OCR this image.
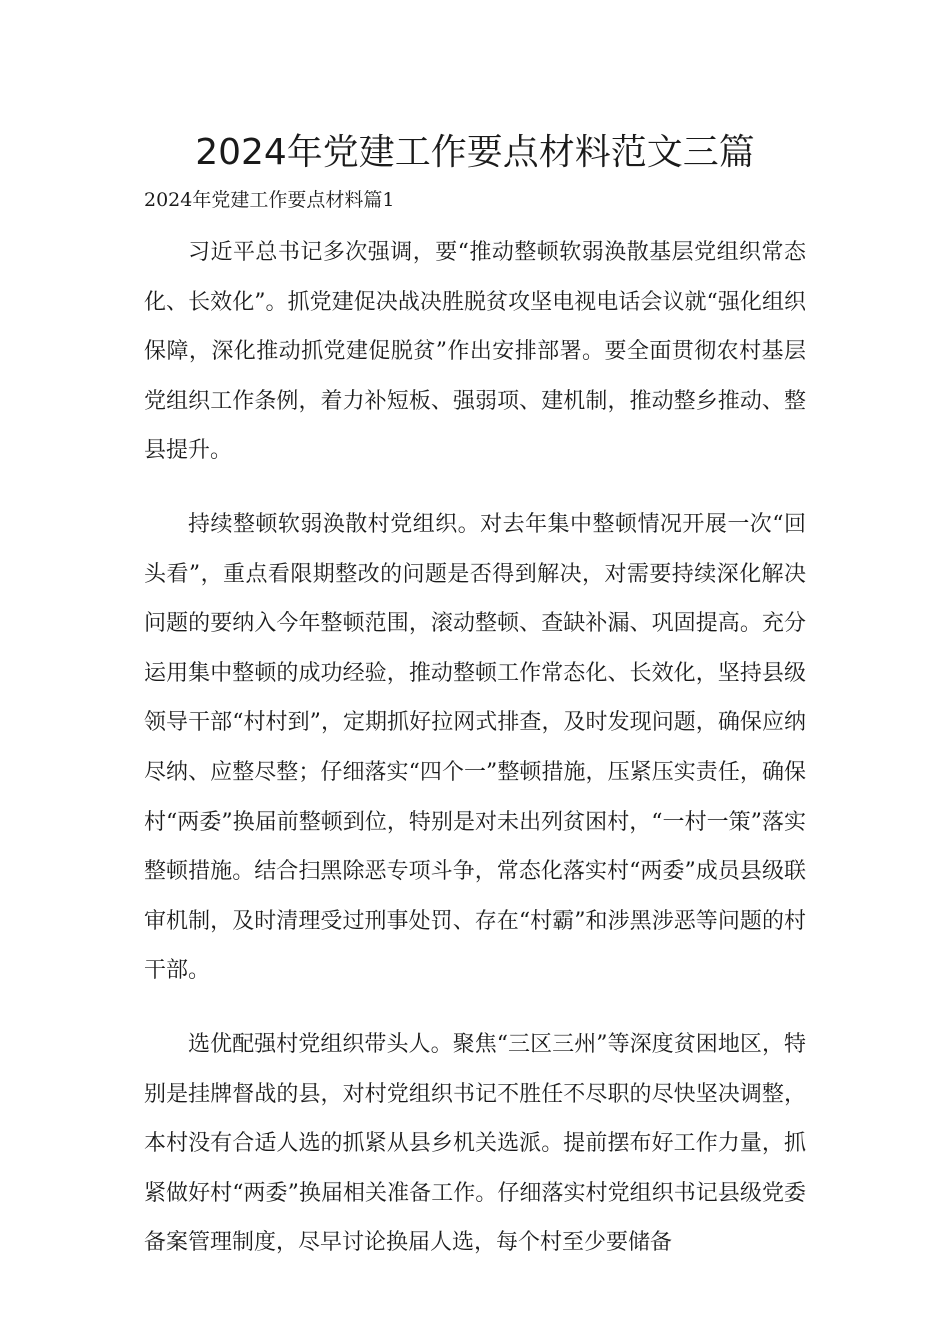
2024年党建工作要点材料范文三篇
2024年党建工作要点材料篇1

习近平总书记多次强调，要“推动整顿软弱涣散基层党组织常态化、长效化”。抓党建促决战决胜脱贫攻坚电视电话会议就“强化组织保障，深化推动抓党建促脱贫”作出安排部署。要全面贯彻农村基层党组织工作条例，着力补短板、强弱项、建机制，推动整乡推动、整县提升。

持续整顿软弱涣散村党组织。对去年集中整顿情况开展一次“回头看”，重点看限期整改的问题是否得到解决，对需要持续深化解决问题的要纳入今年整顿范围，滚动整顿、查缺补漏、巩固提高。充分运用集中整顿的成功经验，推动整顿工作常态化、长效化，坚持县级领导干部“村村到”，定期抓好拉网式排查，及时发现问题，确保应纳尽纳、应整尽整；仔细落实“四个一”整顿措施，压紧压实责任，确保村“两委”换届前整顿到位，特别是对未出列贫困村，“一村一策”落实整顿措施。结合扫黑除恶专项斗争，常态化落实村“两委”成员县级联审机制，及时清理受过刑事处罚、存在“村霸”和涉黑涉恶等问题的村干部。

选优配强村党组织带头人。聚焦“三区三州”等深度贫困地区，特别是挂牌督战的县，对村党组织书记不胜任不尽职的尽快坚决调整，本村没有合适人选的抓紧从县乡机关选派。提前摆布好工作力量，抓紧做好村“两委”换届相关准备工作。仔细落实村党组织书记县级党委备案管理制度，尽早讨论换届人选，每个村至少要储备
